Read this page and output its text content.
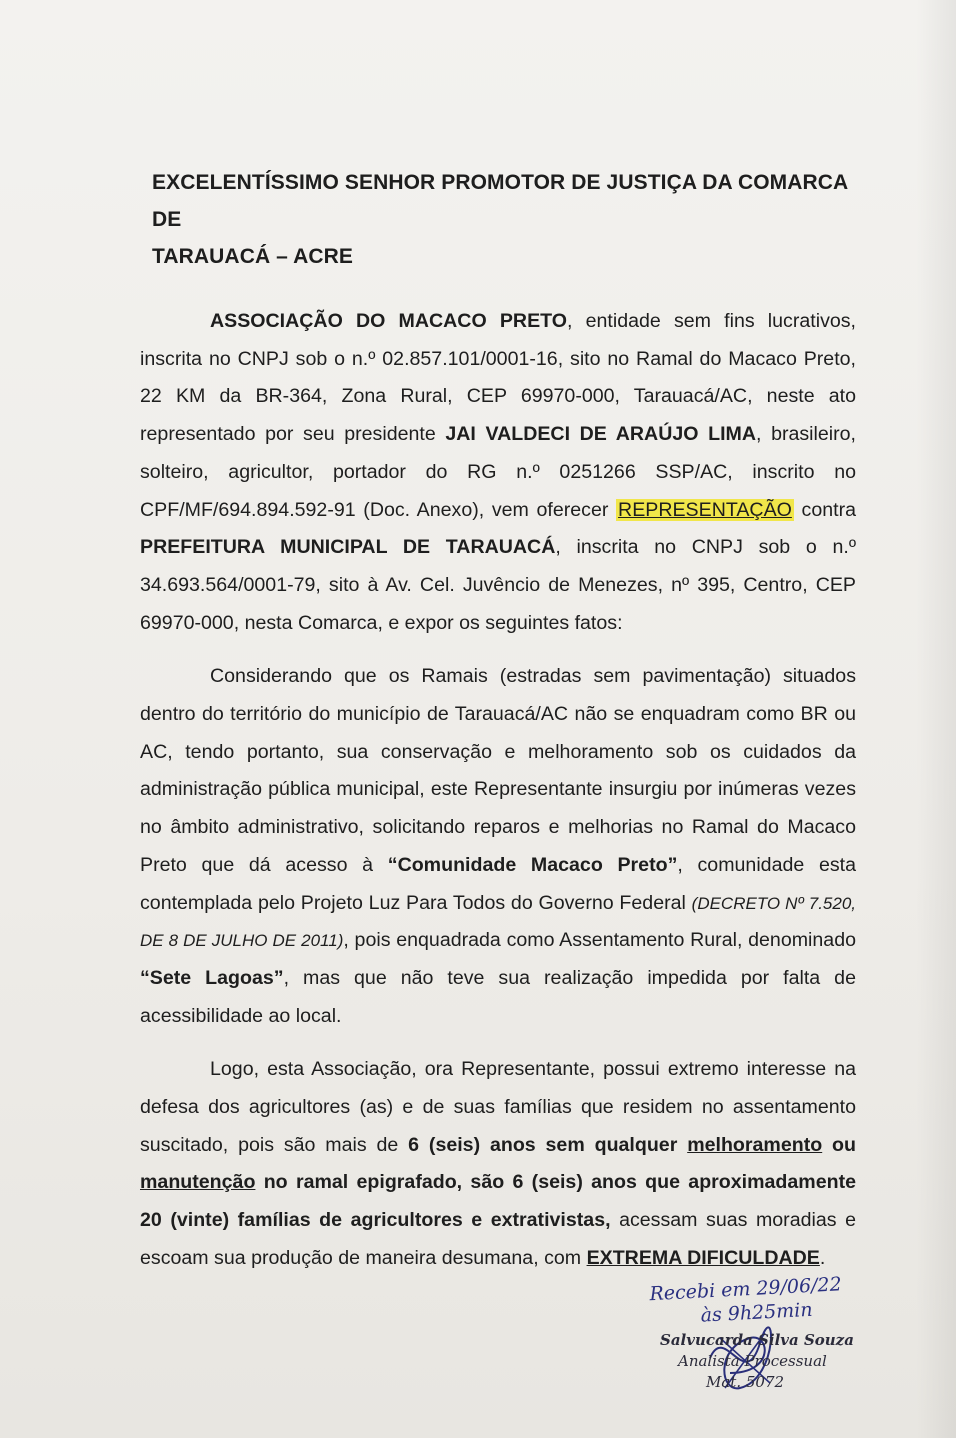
EXCELENTÍSSIMO SENHOR PROMOTOR DE JUSTIÇA DA COMARCA DE
TARAUACÁ – ACRE

ASSOCIAÇÃO DO MACACO PRETO, entidade sem fins lucrativos, inscrita no CNPJ sob o n.º 02.857.101/0001-16, sito no Ramal do Macaco Preto, 22 KM da BR-364, Zona Rural, CEP 69970-000, Tarauacá/AC, neste ato representado por seu presidente JAI VALDECI DE ARAÚJO LIMA, brasileiro, solteiro, agricultor, portador do RG n.º 0251266 SSP/AC, inscrito no CPF/MF/694.894.592-91 (Doc. Anexo), vem oferecer REPRESENTAÇÃO contra PREFEITURA MUNICIPAL DE TARAUACÁ, inscrita no CNPJ sob o n.º 34.693.564/0001-79, sito à Av. Cel. Juvêncio de Menezes, nº 395, Centro, CEP 69970-000, nesta Comarca, e expor os seguintes fatos:

Considerando que os Ramais (estradas sem pavimentação) situados dentro do território do município de Tarauacá/AC não se enquadram como BR ou AC, tendo portanto, sua conservação e melhoramento sob os cuidados da administração pública municipal, este Representante insurgiu por inúmeras vezes no âmbito administrativo, solicitando reparos e melhorias no Ramal do Macaco Preto que dá acesso à “Comunidade Macaco Preto”, comunidade esta contemplada pelo Projeto Luz Para Todos do Governo Federal (DECRETO Nº 7.520, DE 8 DE JULHO DE 2011), pois enquadrada como Assentamento Rural, denominado “Sete Lagoas”, mas que não teve sua realização impedida por falta de acessibilidade ao local.

Logo, esta Associação, ora Representante, possui extremo interesse na defesa dos agricultores (as) e de suas famílias que residem no assentamento suscitado, pois são mais de 6 (seis) anos sem qualquer melhoramento ou manutenção no ramal epigrafado, são 6 (seis) anos que aproximadamente 20 (vinte) famílias de agricultores e extrativistas, acessam suas moradias e escoam sua produção de maneira desumana, com EXTREMA DIFICULDADE.

Recebi em 29/06/22
às 9h25min
Salvucarda Silva Souza
Analista Processual
Mat. 5072
